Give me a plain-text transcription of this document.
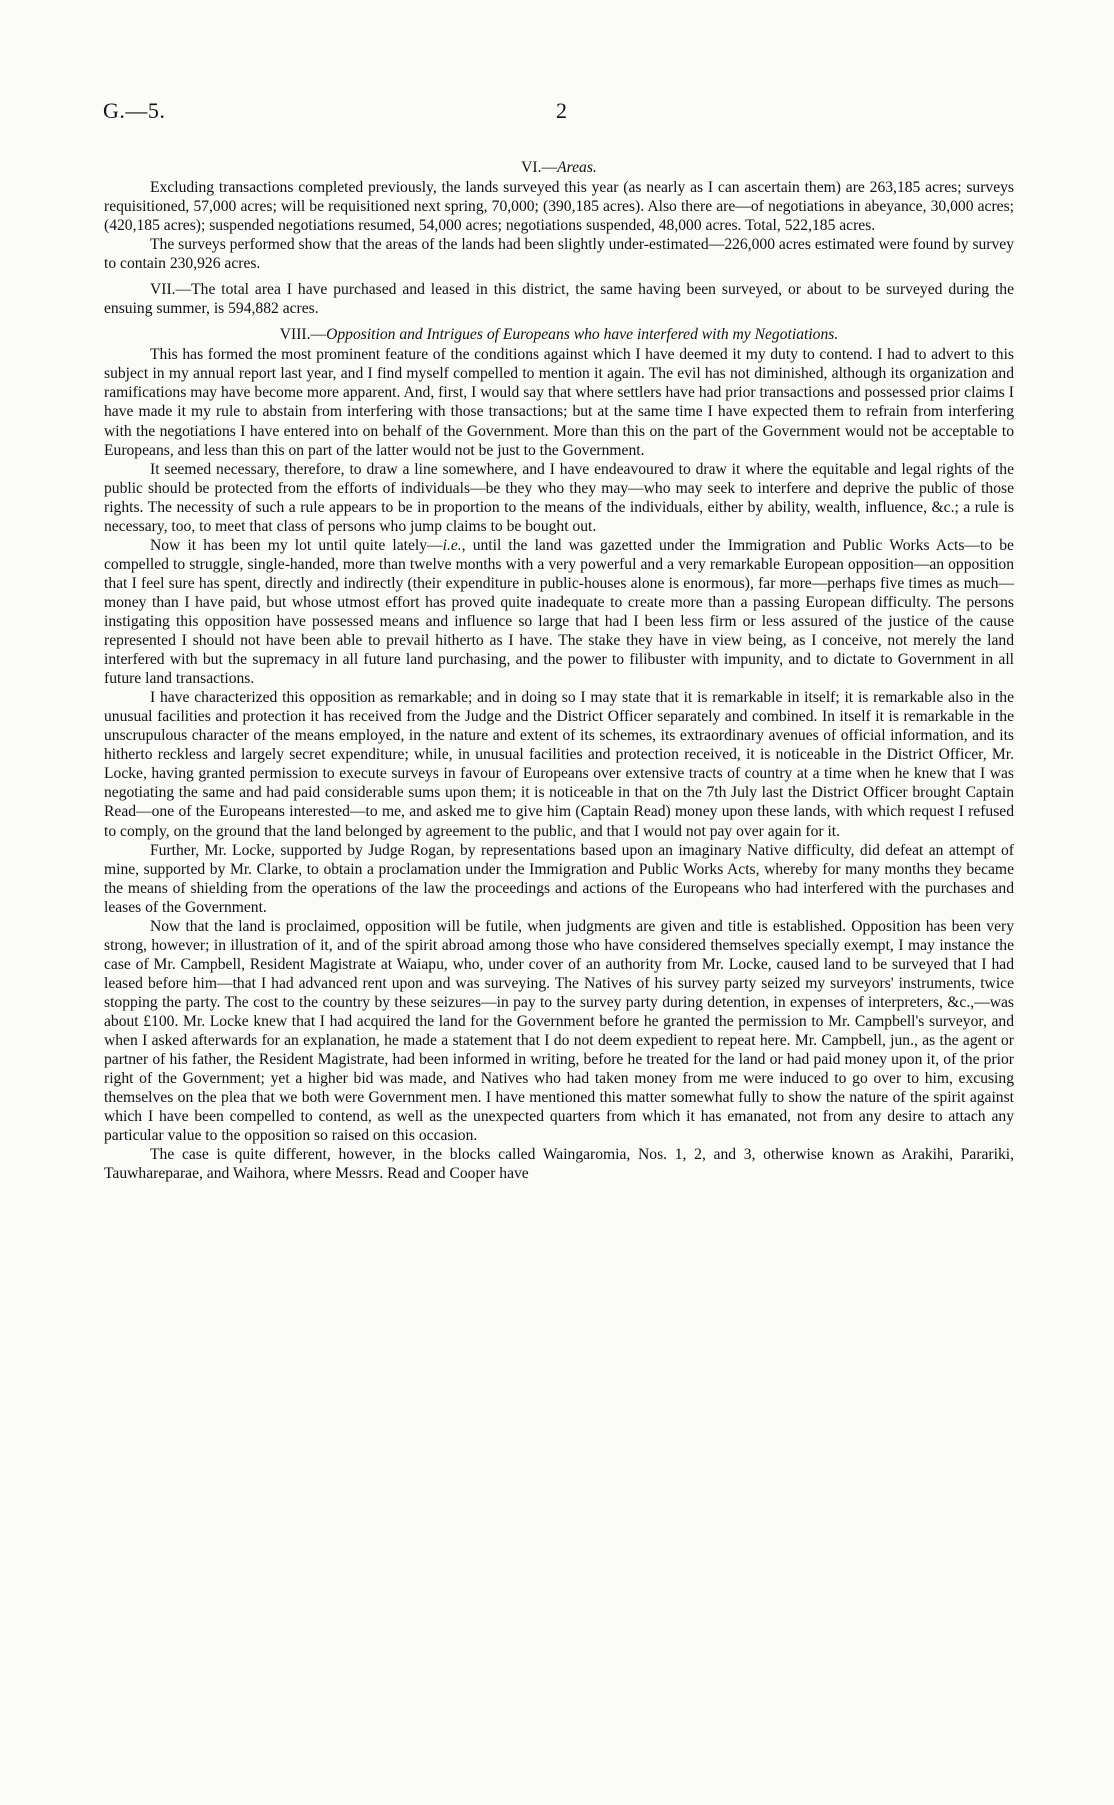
G.—5.	2
VI.—Areas.

Excluding transactions completed previously, the lands surveyed this year (as nearly as I can ascertain them) are 263,185 acres; surveys requisitioned, 57,000 acres; will be requisitioned next spring, 70,000; (390,185 acres). Also there are—of negotiations in abeyance, 30,000 acres; (420,185 acres); suspended negotiations resumed, 54,000 acres; negotiations suspended, 48,000 acres. Total, 522,185 acres.

The surveys performed show that the areas of the lands had been slightly under-estimated—226,000 acres estimated were found by survey to contain 230,926 acres.

VII.—The total area I have purchased and leased in this district, the same having been surveyed, or about to be surveyed during the ensuing summer, is 594,882 acres.

VIII.—Opposition and Intrigues of Europeans who have interfered with my Negotiations.

This has formed the most prominent feature of the conditions against which I have deemed it my duty to contend. I had to advert to this subject in my annual report last year, and I find myself compelled to mention it again. The evil has not diminished, although its organization and ramifications may have become more apparent. And, first, I would say that where settlers have had prior transactions and possessed prior claims I have made it my rule to abstain from interfering with those transactions; but at the same time I have expected them to refrain from interfering with the negotiations I have entered into on behalf of the Government. More than this on the part of the Government would not be acceptable to Europeans, and less than this on part of the latter would not be just to the Government.

It seemed necessary, therefore, to draw a line somewhere, and I have endeavoured to draw it where the equitable and legal rights of the public should be protected from the efforts of individuals—be they who they may—who may seek to interfere and deprive the public of those rights. The necessity of such a rule appears to be in proportion to the means of the individuals, either by ability, wealth, influence, &c.; a rule is necessary, too, to meet that class of persons who jump claims to be bought out.

Now it has been my lot until quite lately—i.e., until the land was gazetted under the Immigration and Public Works Acts—to be compelled to struggle, single-handed, more than twelve months with a very powerful and a very remarkable European opposition—an opposition that I feel sure has spent, directly and indirectly (their expenditure in public-houses alone is enormous), far more—perhaps five times as much—money than I have paid, but whose utmost effort has proved quite inadequate to create more than a passing European difficulty. The persons instigating this opposition have possessed means and influence so large that had I been less firm or less assured of the justice of the cause represented I should not have been able to prevail hitherto as I have. The stake they have in view being, as I conceive, not merely the land interfered with but the supremacy in all future land purchasing, and the power to filibuster with impunity, and to dictate to Government in all future land transactions.

I have characterized this opposition as remarkable; and in doing so I may state that it is remarkable in itself; it is remarkable also in the unusual facilities and protection it has received from the Judge and the District Officer separately and combined. In itself it is remarkable in the unscrupulous character of the means employed, in the nature and extent of its schemes, its extraordinary avenues of official information, and its hitherto reckless and largely secret expenditure; while, in unusual facilities and protection received, it is noticeable in the District Officer, Mr. Locke, having granted permission to execute surveys in favour of Europeans over extensive tracts of country at a time when he knew that I was negotiating the same and had paid considerable sums upon them; it is noticeable in that on the 7th July last the District Officer brought Captain Read—one of the Europeans interested—to me, and asked me to give him (Captain Read) money upon these lands, with which request I refused to comply, on the ground that the land belonged by agreement to the public, and that I would not pay over again for it.

Further, Mr. Locke, supported by Judge Rogan, by representations based upon an imaginary Native difficulty, did defeat an attempt of mine, supported by Mr. Clarke, to obtain a proclamation under the Immigration and Public Works Acts, whereby for many months they became the means of shielding from the operations of the law the proceedings and actions of the Europeans who had interfered with the purchases and leases of the Government.

Now that the land is proclaimed, opposition will be futile, when judgments are given and title is established. Opposition has been very strong, however; in illustration of it, and of the spirit abroad among those who have considered themselves specially exempt, I may instance the case of Mr. Campbell, Resident Magistrate at Waiapu, who, under cover of an authority from Mr. Locke, caused land to be surveyed that I had leased before him—that I had advanced rent upon and was surveying. The Natives of his survey party seized my surveyors' instruments, twice stopping the party. The cost to the country by these seizures—in pay to the survey party during detention, in expenses of interpreters, &c.,—was about £100. Mr. Locke knew that I had acquired the land for the Government before he granted the permission to Mr. Campbell's surveyor, and when I asked afterwards for an explanation, he made a statement that I do not deem expedient to repeat here. Mr. Campbell, jun., as the agent or partner of his father, the Resident Magistrate, had been informed in writing, before he treated for the land or had paid money upon it, of the prior right of the Government; yet a higher bid was made, and Natives who had taken money from me were induced to go over to him, excusing themselves on the plea that we both were Government men. I have mentioned this matter somewhat fully to show the nature of the spirit against which I have been compelled to contend, as well as the unexpected quarters from which it has emanated, not from any desire to attach any particular value to the opposition so raised on this occasion.

The case is quite different, however, in the blocks called Waingaromia, Nos. 1, 2, and 3, otherwise known as Arakihi, Parariki, Tauwhareparae, and Waihora, where Messrs. Read and Cooper have
